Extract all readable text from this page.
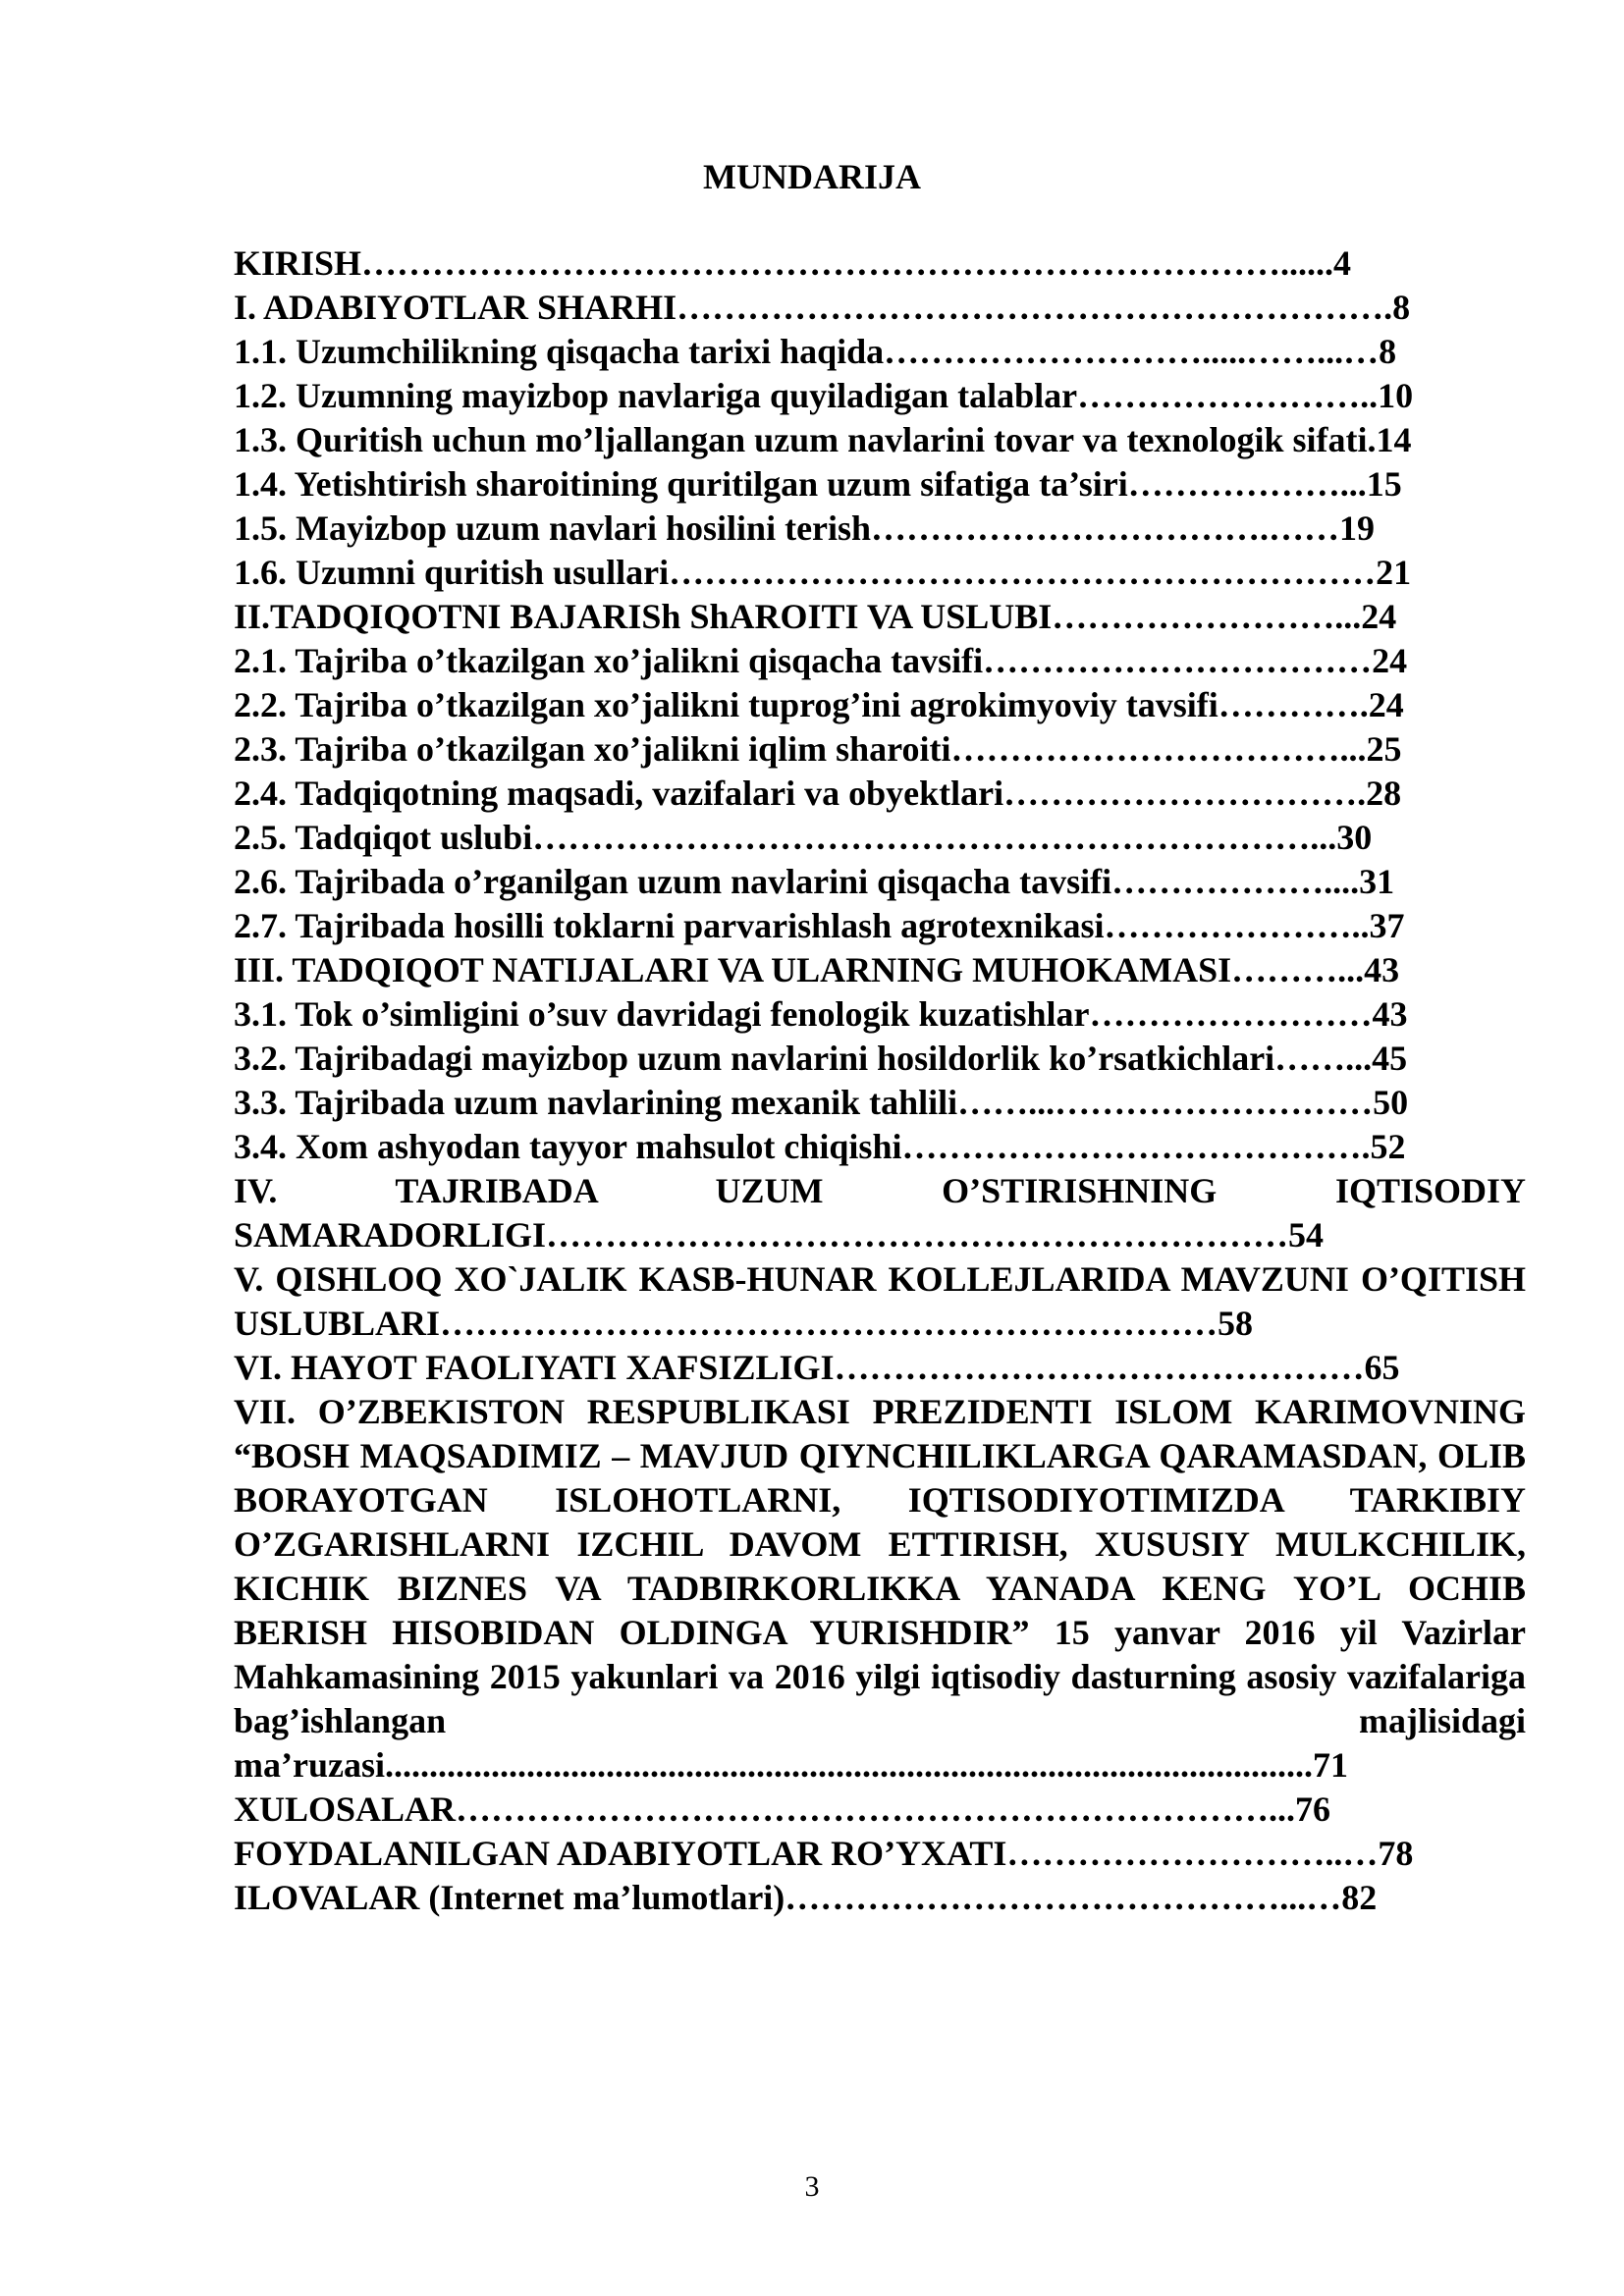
MUNDARIJA
KIRISH……………………………………………………………………......4
I. ADABIYOTLAR SHARHI…………………………………………………….8
1.1. Uzumchilikning qisqacha tarixi haqida……………………….....……...…8
1.2. Uzumning mayizbop navlariga quyiladigan talablar……………………..10
1.3. Quritish uchun mo’ljallangan uzum navlarini tovar va texnologik sifati.14
1.4. Yetishtirish sharoitining quritilgan uzum sifatiga ta’siri………………...15
1.5. Mayizbop uzum navlari hosilini terish…………………………….……19
1.6. Uzumni quritish usullari……………………………………………………21
II.TADQIQOTNI BAJARISh ShAROITI VA USLUBI……………………...24
2.1. Tajriba o’tkazilgan xo’jalikni qisqacha tavsifi……………………………24
2.2. Tajriba o’tkazilgan xo’jalikni tuprog’ini agrokimyoviy tavsifi………….24
2.3. Tajriba o’tkazilgan xo’jalikni iqlim sharoiti……………………………...25
2.4. Tadqiqotning maqsadi, vazifalari va obyektlari………………………….28
2.5. Tadqiqot uslubi…………………………………………………………...30
2.6. Tajribada o’rganilgan uzum navlarini qisqacha tavsifi………………....31
2.7. Tajribada hosilli toklarni parvarishlash agrotexnikasi…………………..37
III. TADQIQOT NATIJALARI VA ULARNING MUHOKAMASI………...43
3.1. Tok o’simligini o’suv davridagi fenologik kuzatishlar……………………43
3.2. Tajribadagi mayizbop uzum navlarini hosildorlik ko’rsatkichlari……...45
3.3. Tajribada uzum navlarining mexanik tahlili……...………………………50
3.4. Xom ashyodan tayyor mahsulot chiqishi………………………………….52
IV. TAJRIBADA UZUM O’STIRISHNING IQTISODIY SAMARADORLIGI………………………………………………………54
V. QISHLOQ XO`JALIK KASB-HUNAR KOLLEJLARIDA MAVZUNI O’QITISH USLUBLARI…………………………………………………………58
VI. HAYOT FAOLIYATI XAFSIZLIGI………………………………………65
VII. O’ZBEKISTON RESPUBLIKASI PREZIDENTI ISLOM KARIMOVNING “BOSH MAQSADIMIZ – MAVJUD QIYNCHILIKLARGA QARAMASDAN, OLIB BORAYOTGAN ISLOHOTLARNI, IQTISODIYOTIMIZDA TARKIBIY O’ZGARISHLARNI IZCHIL DAVOM ETTIRISH, XUSUSIY MULKCHILIK, KICHIK BIZNES VA TADBIRKORLIKKA YANADA KENG YO’L OCHIB BERISH HISOBIDAN OLDINGA YURISHDIR” 15 yanvar 2016 yil Vazirlar Mahkamasining 2015 yakunlari va 2016 yilgi iqtisodiy dasturning asosiy vazifalariga bag’ishlangan majlisidagi ma’ruzasi.........................................................................................................71
XULOSALAR……………………………………………………………...76
FOYDALANILGAN ADABIYOTLAR RO’YXATI………………………..…78
ILOVALAR (Internet ma’lumotlari)……………………………………...…82
3
